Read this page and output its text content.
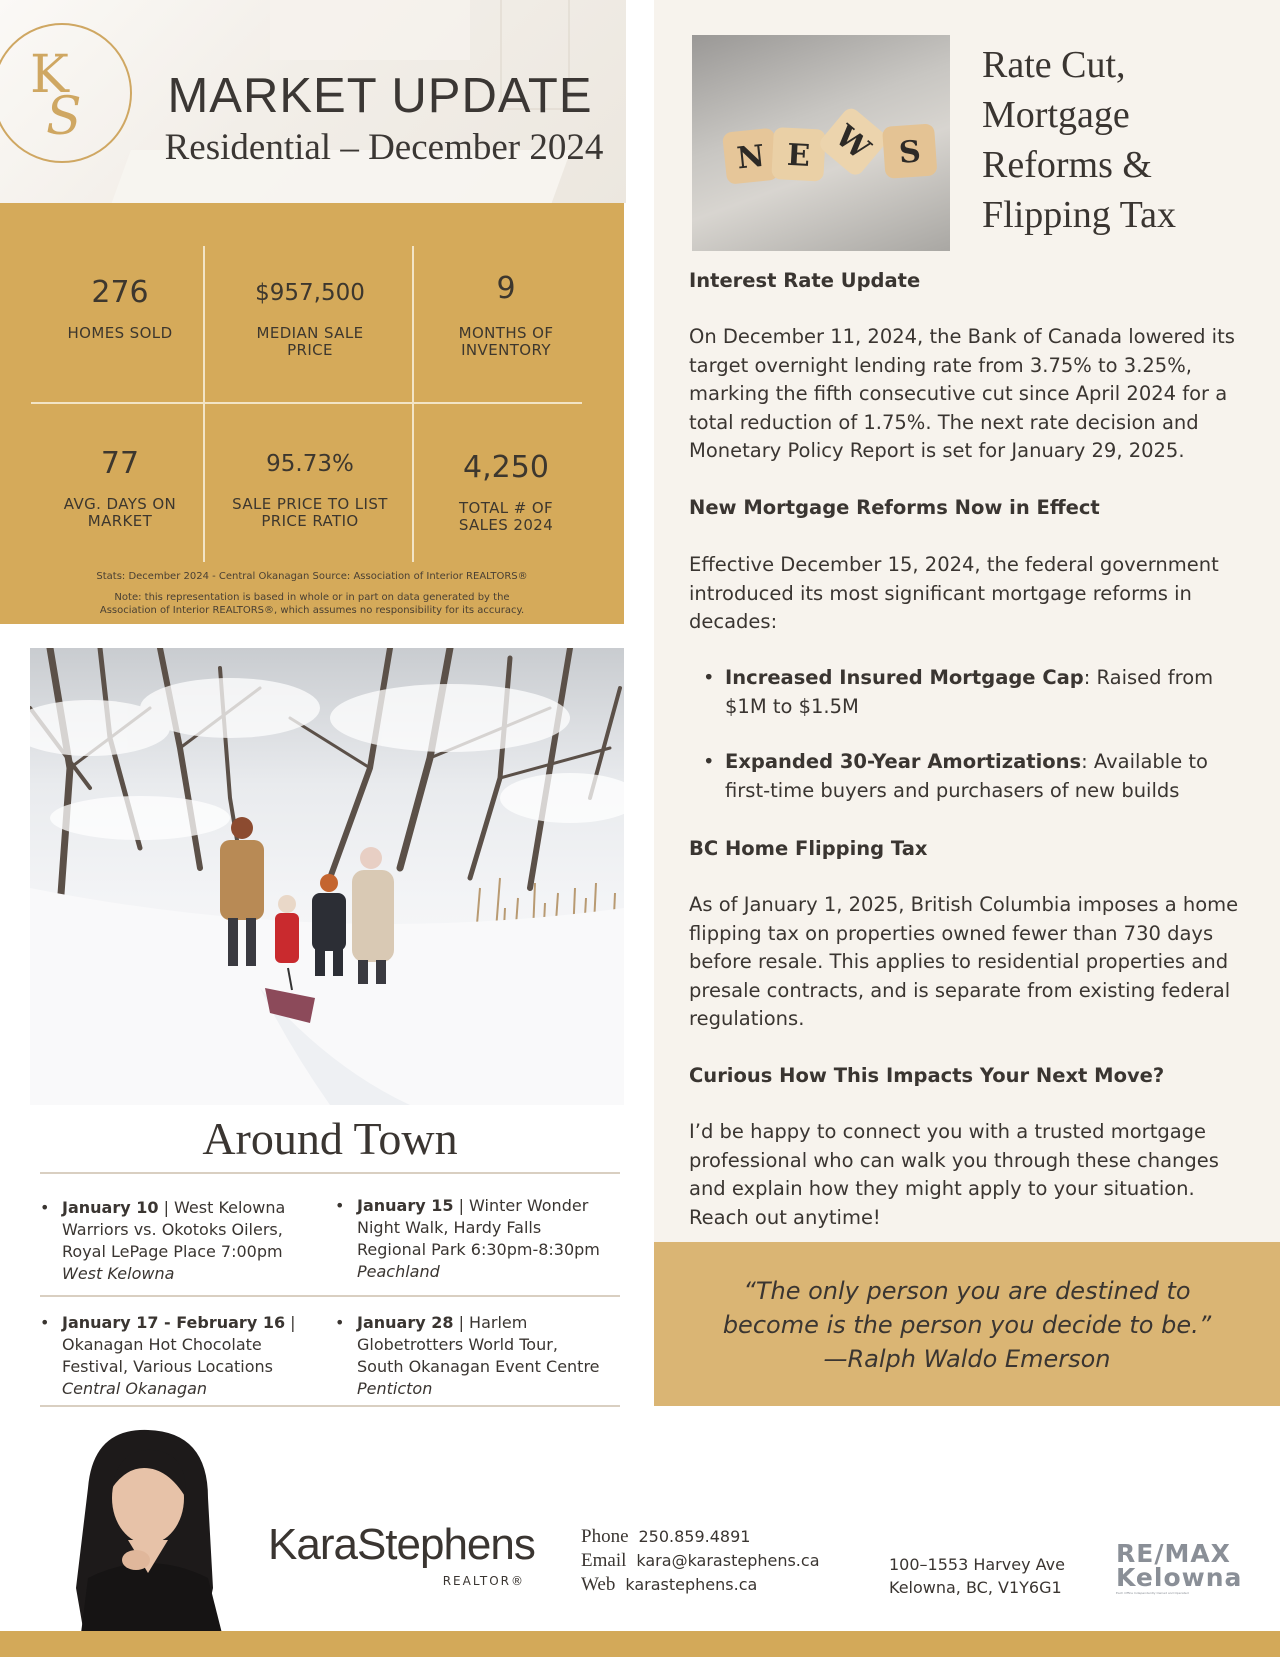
K
S	MARKET UPDATE
Residential – December 2024
276
HOMES SOLD
$957,500
MEDIAN SALE PRICE
9
MONTHS OF INVENTORY
77
AVG. DAYS ON MARKET
95.73%
SALE PRICE TO LIST PRICE RATIO
4,250
TOTAL # OF SALES 2024
Stats: December 2024 - Central Okanagan Source: Association of Interior REALTORS®
Note: this representation is based in whole or in part on data generated by the
Association of Interior REALTORS®, which assumes no responsibility for its accuracy.
Around Town
• January 10 | West Kelowna Warriors vs. Okotoks Oilers, Royal LePage Place 7:00pm
West Kelowna
• January 15 | Winter Wonder Night Walk, Hardy Falls Regional Park 6:30pm-8:30pm
Peachland
• January 17 - February 16 | Okanagan Hot Chocolate Festival, Various Locations
Central Okanagan
• January 28 | Harlem Globetrotters World Tour, South Okanagan Event Centre
Penticton
N E W S
Rate Cut,
Mortgage
Reforms &
Flipping Tax
Interest Rate Update
On December 11, 2024, the Bank of Canada lowered its target overnight lending rate from 3.75% to 3.25%, marking the fifth consecutive cut since April 2024 for a total reduction of 1.75%. The next rate decision and Monetary Policy Report is set for January 29, 2025.
New Mortgage Reforms Now in Effect
Effective December 15, 2024, the federal government introduced its most significant mortgage reforms in decades:
• Increased Insured Mortgage Cap: Raised from $1M to $1.5M
• Expanded 30-Year Amortizations: Available to first-time buyers and purchasers of new builds
BC Home Flipping Tax
As of January 1, 2025, British Columbia imposes a home flipping tax on properties owned fewer than 730 days before resale. This applies to residential properties and presale contracts, and is separate from existing federal regulations.
Curious How This Impacts Your Next Move?
I’d be happy to connect you with a trusted mortgage professional who can walk you through these changes and explain how they might apply to your situation. Reach out anytime!
“The only person you are destined to
become is the person you decide to be.”
—Ralph Waldo Emerson
KaraStephens
REALTOR®
Phone 250.859.4891
Email kara@karastephens.ca
Web karastephens.ca
100–1553 Harvey Ave
Kelowna, BC, V1Y6G1
RE/MAX
Kelowna
Each Office Independently Owned and Operated
